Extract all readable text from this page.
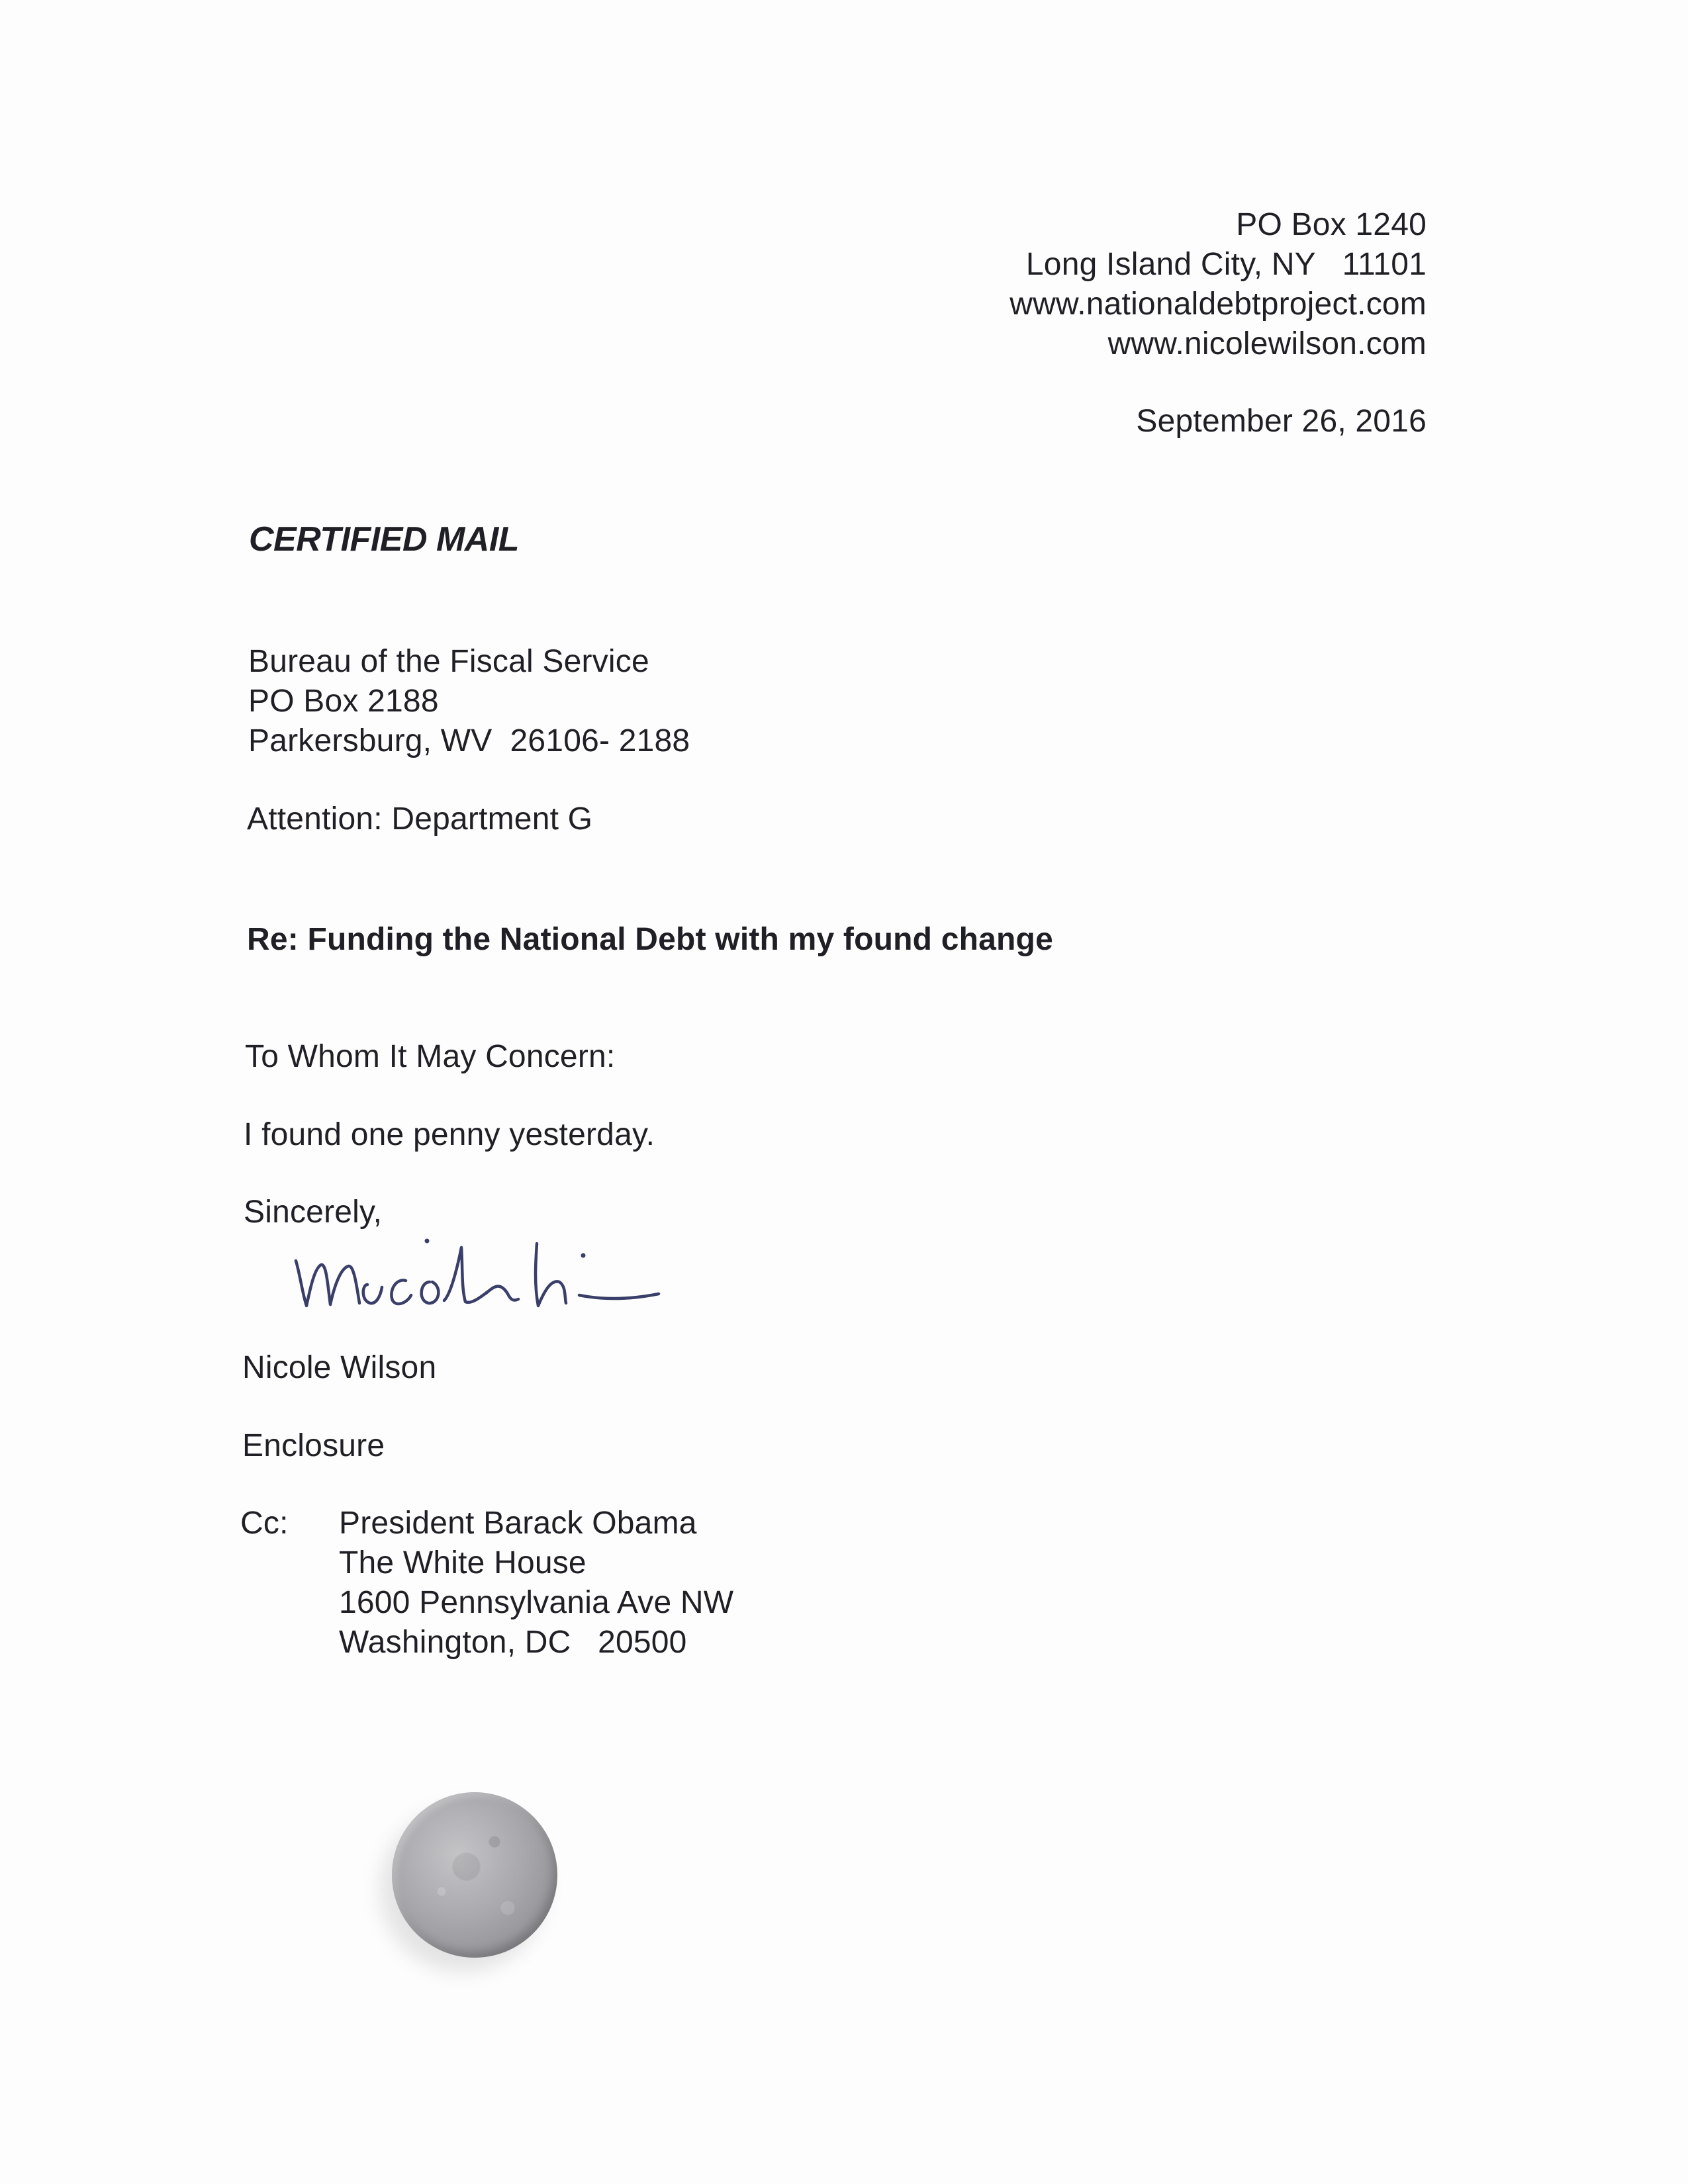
PO Box 1240
Long Island City, NY   11101
www.nationaldebtproject.com
www.nicolewilson.com
September 26, 2016
CERTIFIED MAIL
Bureau of the Fiscal Service
PO Box 2188
Parkersburg, WV  26106- 2188
Attention: Department G
Re: Funding the National Debt with my found change
To Whom It May Concern:
I found one penny yesterday.
Sincerely,
Nicole Wilson
Enclosure
Cc: President Barack Obama
The White House
1600 Pennsylvania Ave NW
Washington, DC   20500
